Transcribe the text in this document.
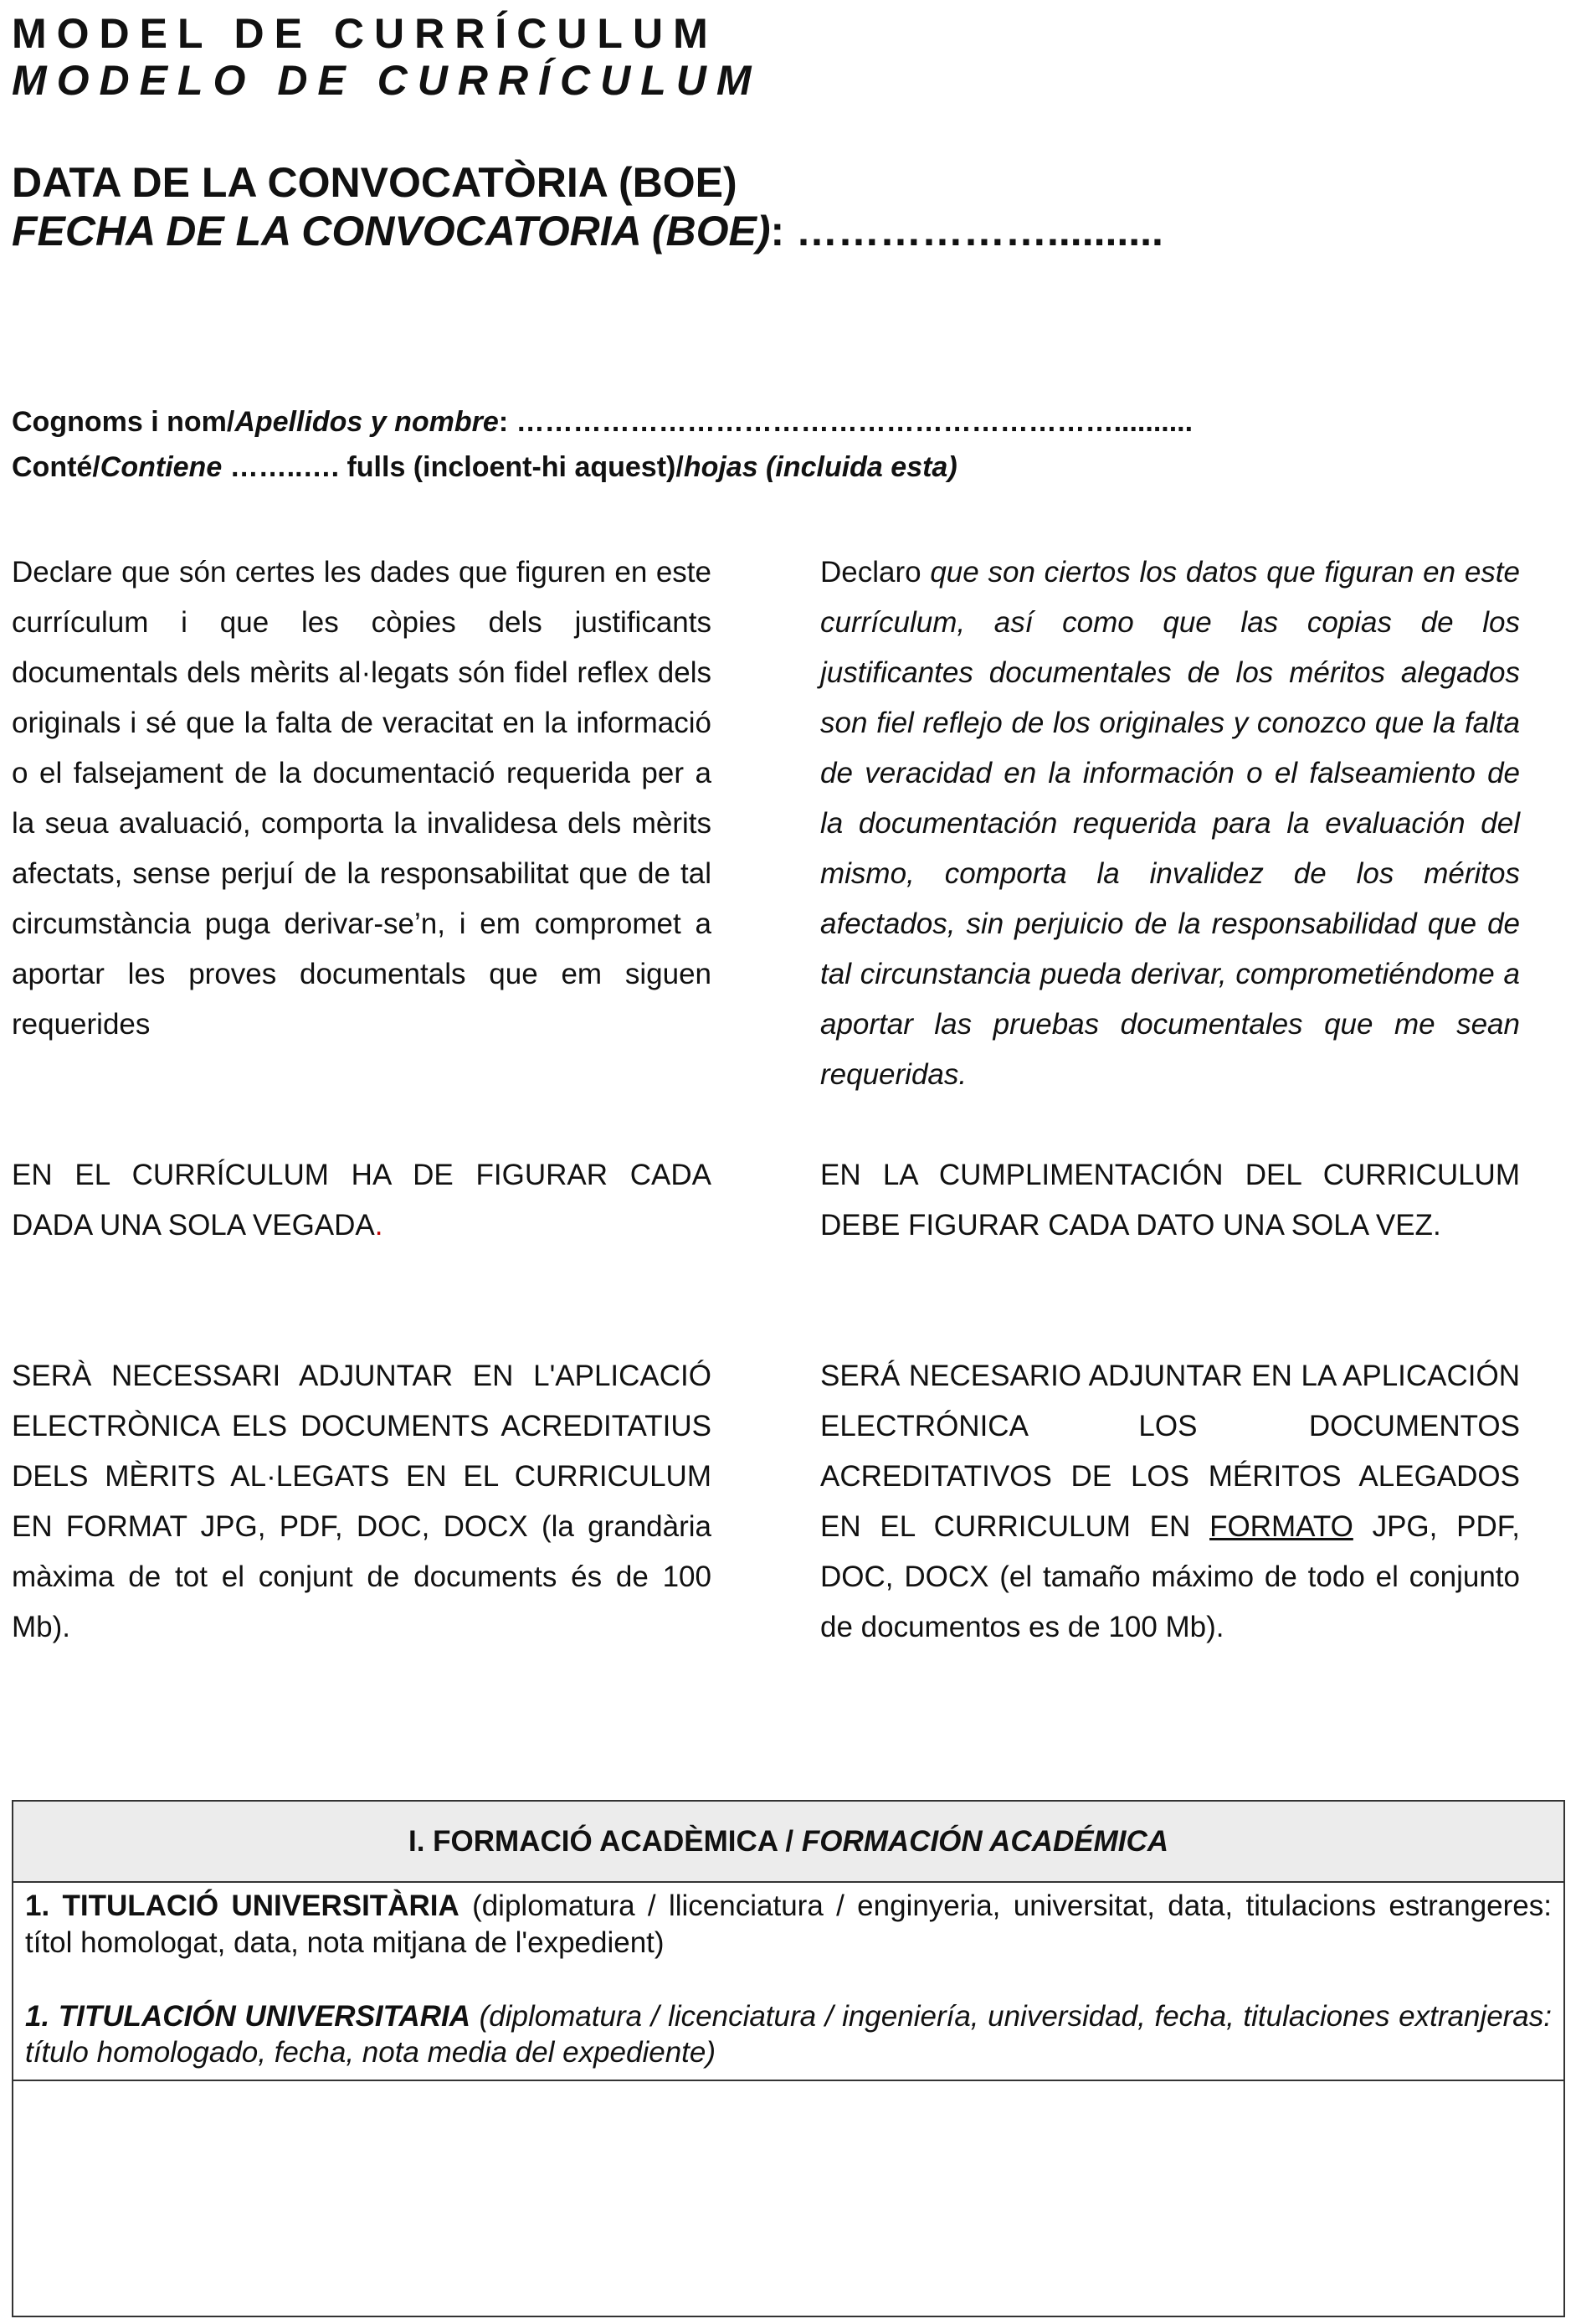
MODEL DE CURRÍCULUM
MODELO DE CURRÍCULUM
DATA DE LA CONVOCATÒRIA (BOE)
FECHA DE LA CONVOCATORIA (BOE): ………………..........
Cognoms i nom/Apellidos y nombre: ………………………………………………………..........
Conté/Contiene ……..…. fulls (incloent-hi aquest)/hojas (incluida esta)

Declare que són certes les dades que figuren en este currículum i que les còpies dels justificants documentals dels mèrits al·legats són fidel reflex dels originals i sé que la falta de veracitat en la informació o el falsejament de la documentació requerida per a la seua avaluació, comporta la invalidesa dels mèrits afectats, sense perjuí de la responsabilitat que de tal circumstància puga derivar-se’n, i em compromet a aportar les proves documentals que em siguen requerides

Declaro que son ciertos los datos que figuran en este currículum, así como que las copias de los justificantes documentales de los méritos alegados son fiel reflejo de los originales y conozco que la falta de veracidad en la información o el falseamiento de la documentación requerida para la evaluación del mismo, comporta la invalidez de los méritos afectados, sin perjuicio de la responsabilidad que de tal circunstancia pueda derivar, comprometiéndome a aportar las pruebas documentales que me sean requeridas.

EN EL CURRÍCULUM HA DE FIGURAR CADA DADA UNA SOLA VEGADA.

EN LA CUMPLIMENTACIÓN DEL CURRICULUM DEBE FIGURAR CADA DATO UNA SOLA VEZ.

SERÀ NECESSARI ADJUNTAR EN L'APLICACIÓ ELECTRÒNICA ELS DOCUMENTS ACREDITATIUS DELS MÈRITS AL·LEGATS EN EL CURRICULUM EN FORMAT JPG, PDF, DOC, DOCX (la grandària màxima de tot el conjunt de documents és de 100 Mb).

SERÁ NECESARIO ADJUNTAR EN LA APLICACIÓN ELECTRÓNICA LOS DOCUMENTOS ACREDITATIVOS DE LOS MÉRITOS ALEGADOS EN EL CURRICULUM EN FORMATO JPG, PDF, DOC, DOCX (el tamaño máximo de todo el conjunto de documentos es de 100 Mb).

I. FORMACIÓ ACADÈMICA / FORMACIÓN ACADÉMICA

1. TITULACIÓ UNIVERSITÀRIA (diplomatura / llicenciatura / enginyeria, universitat, data, titulacions estrangeres: títol homologat, data, nota mitjana de l'expedient)

1. TITULACIÓN UNIVERSITARIA (diplomatura / licenciatura / ingeniería, universidad, fecha, titulaciones extranjeras: título homologado, fecha, nota media del expediente)
